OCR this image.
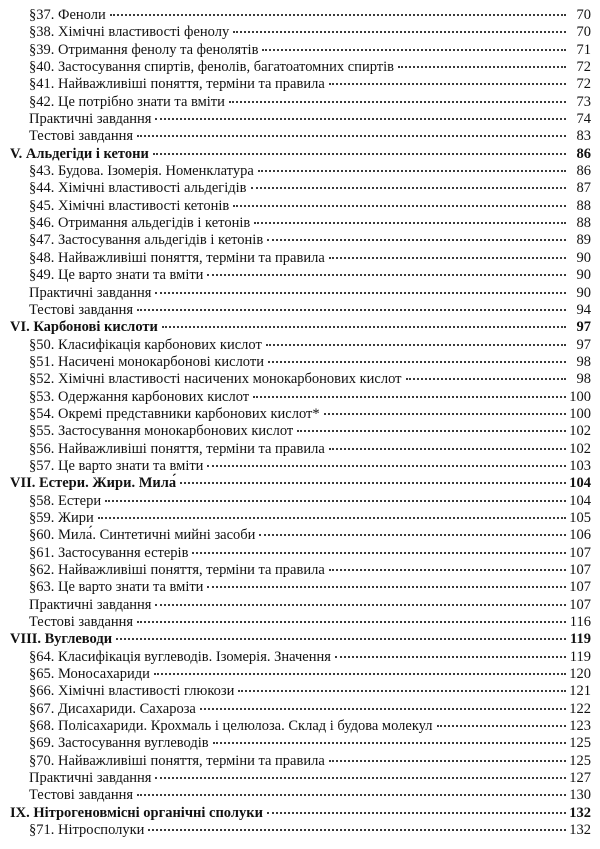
§37. Феноли	70
§38. Хімічні властивості фенолу	70
§39. Отримання фенолу та фенолятів	71
§40. Застосування спиртів, фенолів, багатоатомних спиртів	72
§41. Найважливіші поняття, терміни та правила	72
§42. Це потрібно знати та вміти	73
Практичні завдання	74
Тестові завдання	83
V. Альдегіди і кетони	86
§43. Будова. Ізомерія. Номенклатура	86
§44. Хімічні властивості альдегідів	87
§45. Хімічні властивості кетонів	88
§46. Отримання альдегідів і кетонів	88
§47. Застосування альдегідів і кетонів	89
§48. Найважливіші поняття, терміни та правила	90
§49. Це варто знати та вміти	90
Практичні завдання	90
Тестові завдання	94
VI. Карбонові кислоти	97
§50. Класифікація карбонових кислот	97
§51. Насичені монокарбонові кислоти	98
§52. Хімічні властивості насичених монокарбонових кислот	98
§53. Одержання карбонових кислот	100
§54. Окремі представники карбонових кислот*	100
§55. Застосування монокарбонових кислот	102
§56. Найважливіші поняття, терміни та правила	102
§57. Це варто знати та вміти	103
VII. Естери. Жири. Мила́	104
§58. Естери	104
§59. Жири	105
§60. Мила́. Синтетичні мийні засоби	106
§61. Застосування естерів	107
§62. Найважливіші поняття, терміни та правила	107
§63. Це варто знати та вміти	107
Практичні завдання	107
Тестові завдання	116
VIII. Вуглеводи	119
§64. Класифікація вуглеводів. Ізомерія. Значення	119
§65. Моносахариди	120
§66. Хімічні властивості глюкози	121
§67. Дисахариди. Сахароза	122
§68. Полісахариди. Крохмаль і целюлоза. Склад і будова молекул	123
§69. Застосування вуглеводів	125
§70. Найважливіші поняття, терміни та правила	125
Практичні завдання	127
Тестові завдання	130
IX. Нітрогеновмісні органічні сполуки	132
§71. Нітросполуки	132
